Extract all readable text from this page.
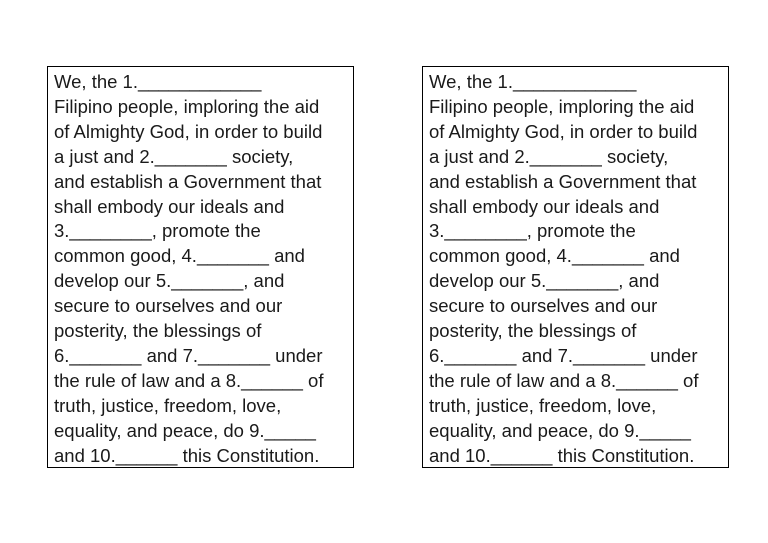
We, the 1.____________
Filipino people, imploring the aid
of Almighty God, in order to build
a just and 2._______ society,
and establish a Government that
shall embody our ideals and
3.________, promote the
common good, 4._______ and
develop our 5._______, and
secure to ourselves and our
posterity, the blessings of
6._______ and 7._______ under
the rule of law and a 8.______ of
truth, justice, freedom, love,
equality, and peace, do 9._____
and 10.______ this Constitution.
We, the 1.____________
Filipino people, imploring the aid
of Almighty God, in order to build
a just and 2._______ society,
and establish a Government that
shall embody our ideals and
3.________, promote the
common good, 4._______ and
develop our 5._______, and
secure to ourselves and our
posterity, the blessings of
6._______ and 7._______ under
the rule of law and a 8.______ of
truth, justice, freedom, love,
equality, and peace, do 9._____
and 10.______ this Constitution.
